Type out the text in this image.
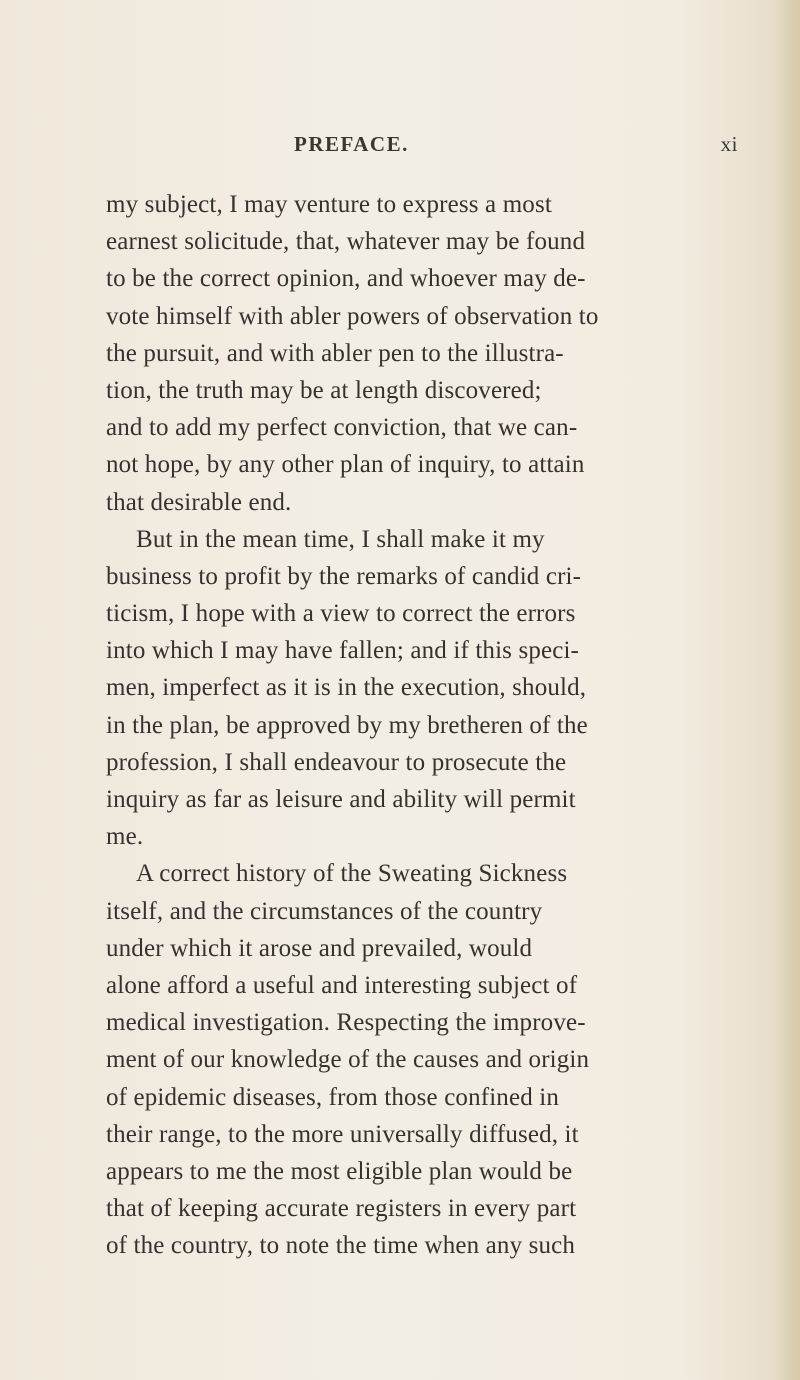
PREFACE.	xi
my subject, I may venture to express a most
earnest solicitude, that, whatever may be found
to be the correct opinion, and whoever may de-
vote himself with abler powers of observation to
the pursuit, and with abler pen to the illustra-
tion, the truth may be at length discovered;
and to add my perfect conviction, that we can-
not hope, by any other plan of inquiry, to attain
that desirable end.
But in the mean time, I shall make it my
business to profit by the remarks of candid cri-
ticism, I hope with a view to correct the errors
into which I may have fallen; and if this speci-
men, imperfect as it is in the execution, should,
in the plan, be approved by my bretheren of the
profession, I shall endeavour to prosecute the
inquiry as far as leisure and ability will permit
me.
A correct history of the Sweating Sickness
itself, and the circumstances of the country
under which it arose and prevailed, would
alone afford a useful and interesting subject of
medical investigation. Respecting the improve-
ment of our knowledge of the causes and origin
of epidemic diseases, from those confined in
their range, to the more universally diffused, it
appears to me the most eligible plan would be
that of keeping accurate registers in every part
of the country, to note the time when any such
